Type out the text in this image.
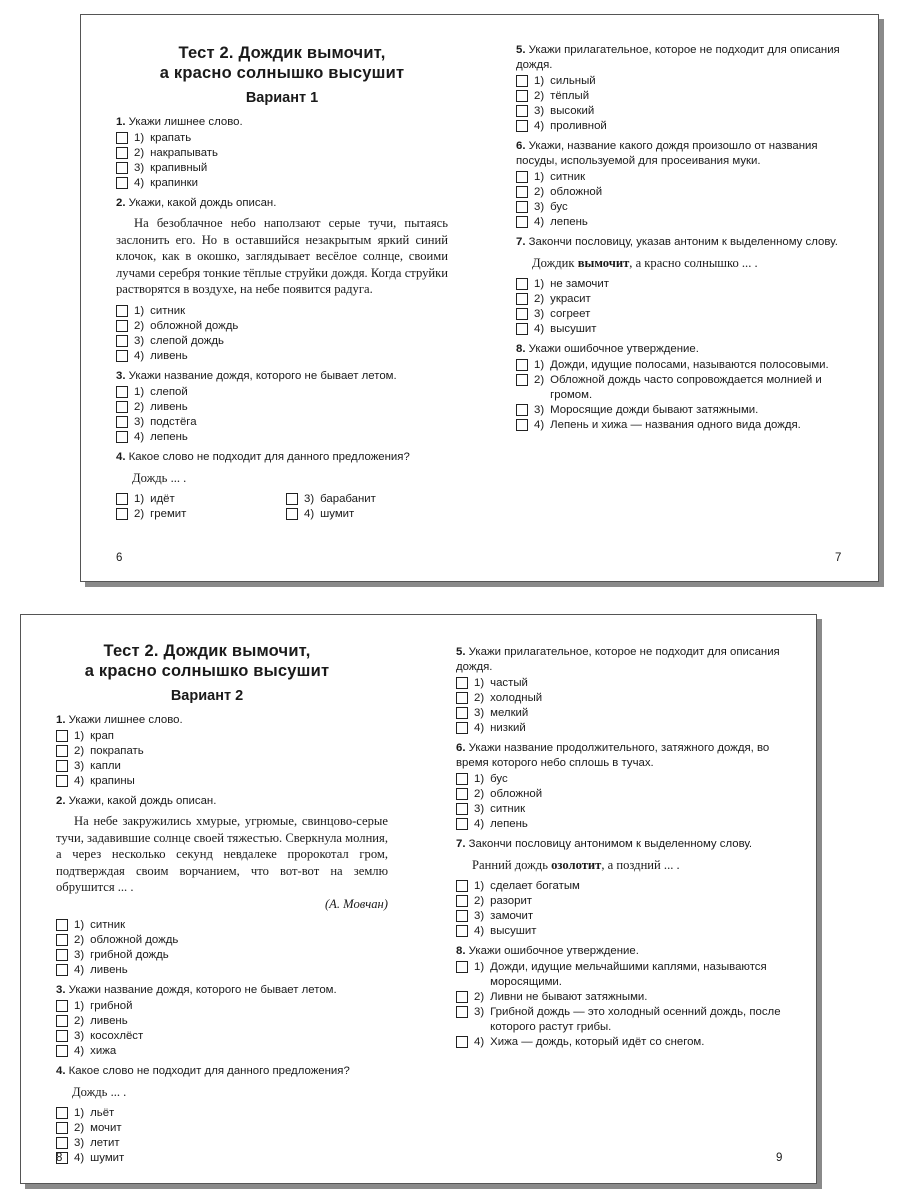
Тест 2. Дождик вымочит,
а красно солнышко высушит
Вариант 1
1. Укажи лишнее слово.
1) крапать
2) накрапывать
3) крапивный
4) крапинки
2. Укажи, какой дождь описан.
На безоблачное небо наползают серые тучи, пытаясь заслонить его. Но в оставшийся незакрытым яркий синий клочок, как в окошко, заглядывает весёлое солнце, своими лучами серебря тонкие тёплые струйки дождя. Когда струйки растворятся в воздухе, на небе появится радуга.
1) ситник
2) обложной дождь
3) слепой дождь
4) ливень
3. Укажи название дождя, которого не бывает летом.
1) слепой
2) ливень
3) подстёга
4) лепень
4. Какое слово не подходит для данного предложения?
Дождь ... .
1) идёт	3) барабанит
2) гремит	4) шумит
5. Укажи прилагательное, которое не подходит для описания дождя.
1) сильный
2) тёплый
3) высокий
4) проливной
6. Укажи, название какого дождя произошло от названия посуды, используемой для просеивания муки.
1) ситник
2) обложной
3) бус
4) лепень
7. Закончи пословицу, указав антоним к выделенному слову.
Дождик вымочит, а красно солнышко ... .
1) не замочит
2) украсит
3) согреет
4) высушит
8. Укажи ошибочное утверждение.
1) Дожди, идущие полосами, называются полосовыми.
2) Обложной дождь часто сопровождается молнией и громом.
3) Моросящие дожди бывают затяжными.
4) Лепень и хижа — названия одного вида дождя.
6	7
Тест 2. Дождик вымочит,
а красно солнышко высушит
Вариант 2
1. Укажи лишнее слово.
1) крап
2) покрапать
3) капли
4) крапины
2. Укажи, какой дождь описан.
На небе закружились хмурые, угрюмые, свинцово-серые тучи, задавившие солнце своей тяжестью. Сверкнула молния, а через несколько секунд невдалеке пророкотал гром, подтверждая своим ворчанием, что вот-вот на землю обрушится ... .
(А. Мовчан)
1) ситник
2) обложной дождь
3) грибной дождь
4) ливень
3. Укажи название дождя, которого не бывает летом.
1) грибной
2) ливень
3) косохлёст
4) хижа
4. Какое слово не подходит для данного предложения?
Дождь ... .
1) льёт
2) мочит
3) летит
4) шумит
5. Укажи прилагательное, которое не подходит для описания дождя.
1) частый
2) холодный
3) мелкий
4) низкий
6. Укажи название продолжительного, затяжного дождя, во время которого небо сплошь в тучах.
1) бус
2) обложной
3) ситник
4) лепень
7. Закончи пословицу антонимом к выделенному слову.
Ранний дождь озолотит, а поздний ... .
1) сделает богатым
2) разорит
3) замочит
4) высушит
8. Укажи ошибочное утверждение.
1) Дожди, идущие мельчайшими каплями, называются моросящими.
2) Ливни не бывают затяжными.
3) Грибной дождь — это холодный осенний дождь, после которого растут грибы.
4) Хижа — дождь, который идёт со снегом.
8	9
